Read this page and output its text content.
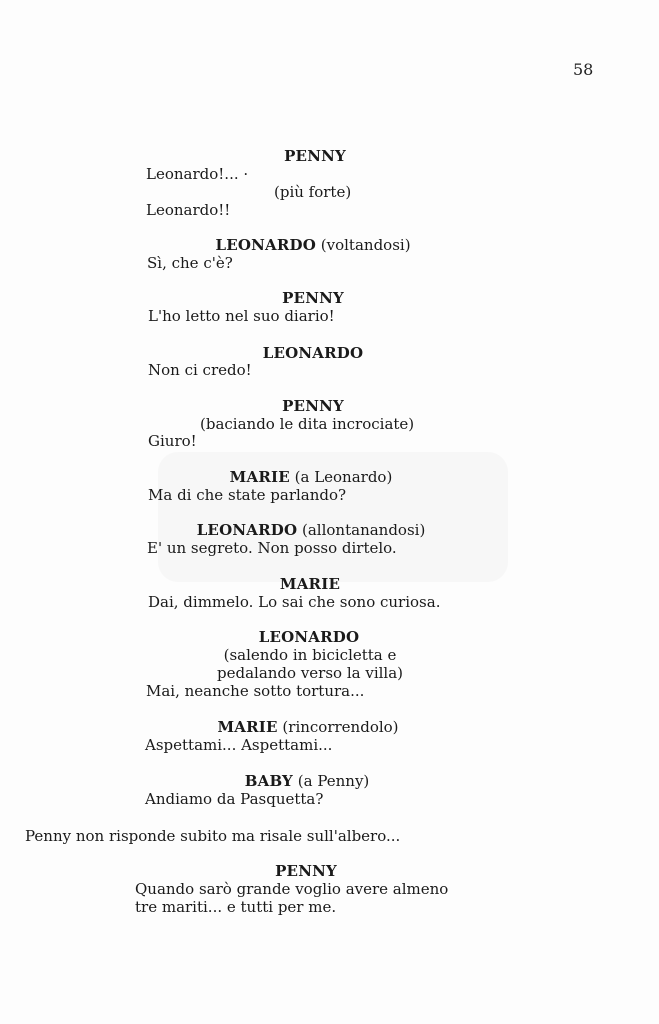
58
PENNY
Leonardo!... ·
(più forte)
Leonardo!!
LEONARDO (voltandosi)
Sì, che c'è?
PENNY
L'ho letto nel suo diario!
LEONARDO
Non ci credo!
PENNY
(baciando le dita incrociate)
Giuro!
MARIE (a Leonardo)
Ma di che state parlando?
LEONARDO (allontanandosi)
E' un segreto. Non posso dirtelo.
MARIE
Dai, dimmelo. Lo sai che sono curiosa.
LEONARDO
(salendo in bicicletta e
pedalando verso la villa)
Mai, neanche sotto tortura...
MARIE (rincorrendolo)
Aspettami... Aspettami...
BABY (a Penny)
Andiamo da Pasquetta?
Penny non risponde subito ma risale sull'albero...
PENNY
Quando sarò grande voglio avere almeno
tre mariti... e tutti per me.
